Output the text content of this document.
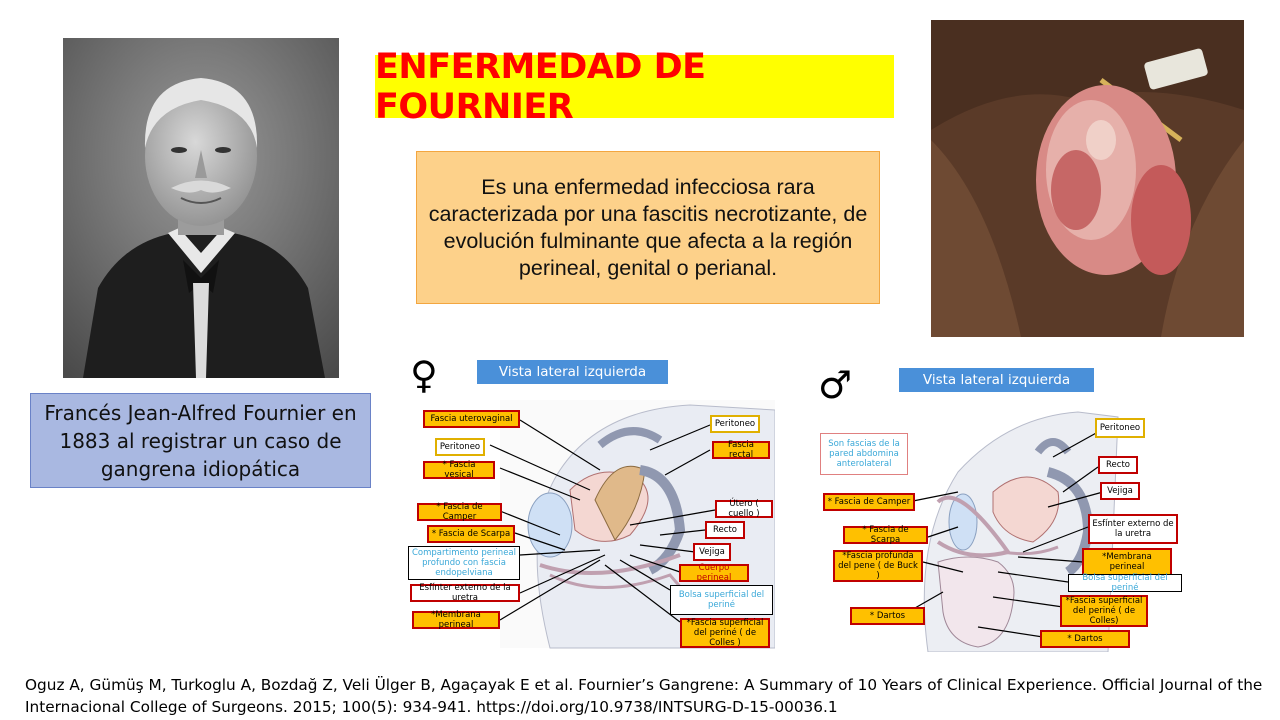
ENFERMEDAD DE FOURNIER
Es una enfermedad infecciosa rara caracterizada por una fascitis necrotizante, de evolución fulminante que afecta a la región perineal, genital o perianal.
Francés Jean-Alfred Fournier en 1883 al registrar un caso de gangrena idiopática
♀	Vista lateral izquierda
Fascia uterovaginal
Peritoneo
* Fascia vesical
* Fascia de Camper
* Fascia de Scarpa
Compartimento perineal profundo con fascia endopelviana
Esfínter externo de la uretra
*Membrana perineal
Peritoneo
Fascia rectal
Útero ( cuello )
Recto
Vejiga
Cuerpo perineal
Bolsa superficial del periné
*Fascia superficial del periné ( de Colles )
♂	Vista lateral izquierda
Son fascias de la pared abdomina anterolateral
* Fascia de Camper
* Fascia de Scarpa
*Fascia profunda del pene ( de Buck )
* Dartos
Peritoneo
Recto
Vejiga
Esfínter externo de la uretra
*Membrana perineal
Bolsa superficial del periné
*Fascia superficial del periné ( de Colles)
* Dartos
Oguz A, Gümüş M, Turkoglu A, Bozdağ Z, Veli Ülger B, Agaçayak E et al. Fournier’s Gangrene: A Summary of 10 Years of Clinical Experience. Official Journal of the Internacional College of Surgeons. 2015; 100(5): 934-941. https://doi.org/10.9738/INTSURG-D-15-00036.1
